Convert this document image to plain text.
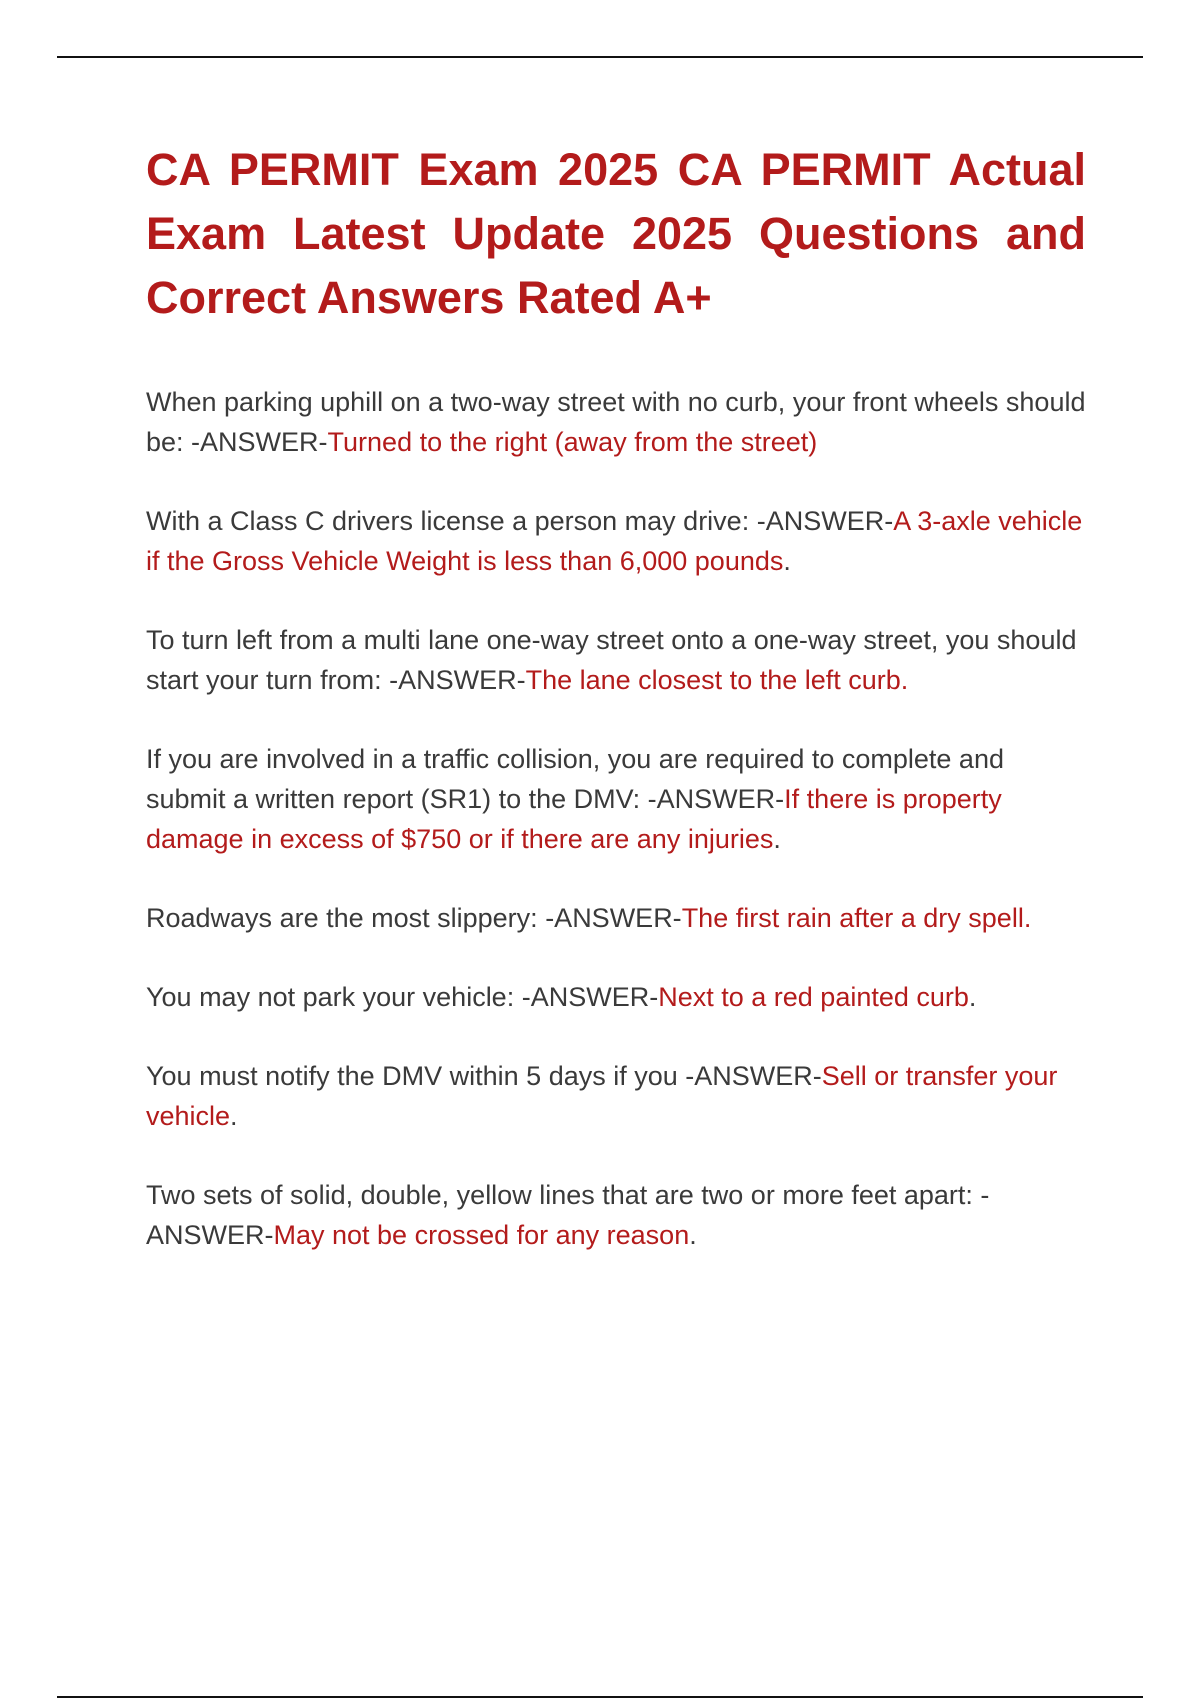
CA PERMIT Exam 2025 CA PERMIT Actual Exam Latest Update 2025 Questions and Correct Answers Rated A+

When parking uphill on a two-way street with no curb, your front wheels should be: -ANSWER-Turned to the right (away from the street)

With a Class C drivers license a person may drive: -ANSWER-A 3-axle vehicle if the Gross Vehicle Weight is less than 6,000 pounds.

To turn left from a multi lane one-way street onto a one-way street, you should start your turn from: -ANSWER-The lane closest to the left curb.

If you are involved in a traffic collision, you are required to complete and submit a written report (SR1) to the DMV: -ANSWER-If there is property damage in excess of $750 or if there are any injuries.

Roadways are the most slippery: -ANSWER-The first rain after a dry spell.

You may not park your vehicle: -ANSWER-Next to a red painted curb.

You must notify the DMV within 5 days if you -ANSWER-Sell or transfer your vehicle.

Two sets of solid, double, yellow lines that are two or more feet apart: -ANSWER-May not be crossed for any reason.
